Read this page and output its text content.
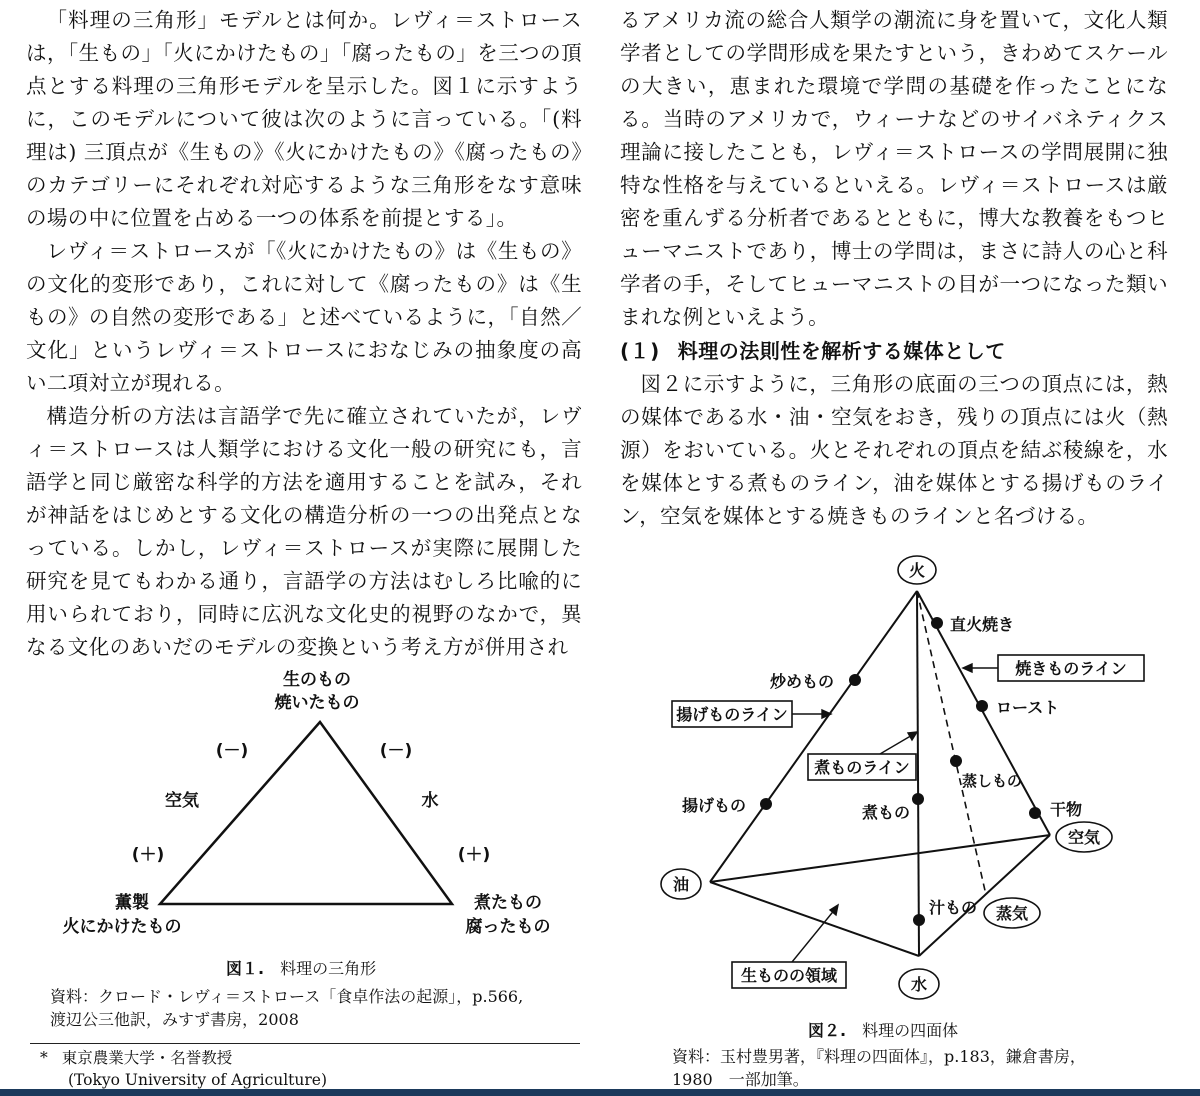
「料理の三角形」モデルとは何か。レヴィ＝ストロースは，「生もの」「火にかけたもの」「腐ったもの」を三つの頂点とする料理の三角形モデルを呈示した。図１に示すように，このモデルについて彼は次のように言っている。「(料理は) 三頂点が《生もの》《火にかけたもの》《腐ったもの》のカテゴリーにそれぞれ対応するような三角形をなす意味の場の中に位置を占める一つの体系を前提とする」。

レヴィ＝ストロースが「《火にかけたもの》は《生もの》の文化的変形であり，これに対して《腐ったもの》は《生もの》の自然の変形である」と述べているように，「自然／文化」というレヴィ＝ストロースにおなじみの抽象度の高い二項対立が現れる。

構造分析の方法は言語学で先に確立されていたが，レヴィ＝ストロースは人類学における文化一般の研究にも，言語学と同じ厳密な科学的方法を適用することを試み，それが神話をはじめとする文化の構造分析の一つの出発点となっている。しかし，レヴィ＝ストロースが実際に展開した研究を見てもわかる通り，言語学の方法はむしろ比喩的に用いられており，同時に広汎な文化史的視野のなかで，異なる文化のあいだのモデルの変換という考え方が併用され

るアメリカ流の総合人類学の潮流に身を置いて，文化人類学者としての学問形成を果たすという，きわめてスケールの大きい，恵まれた環境で学問の基礎を作ったことになる。当時のアメリカで，ウィーナなどのサイバネティクス理論に接したことも，レヴィ＝ストロースの学問展開に独特な性格を与えているといえる。レヴィ＝ストロースは厳密を重んずる分析者であるとともに，博大な教養をもつヒューマニストであり，博士の学問は，まさに詩人の心と科学者の手，そしてヒューマニストの目が一つになった類いまれな例といえよう。

(１) 料理の法則性を解析する媒体として

図２に示すように，三角形の底面の三つの頂点には，熱の媒体である水・油・空気をおき，残りの頂点には火（熱源）をおいている。火とそれぞれの頂点を結ぶ稜線を，水を媒体とする煮ものライン，油を媒体とする揚げものライン，空気を媒体とする焼きものラインと名づける。

生のもの
焼いたもの
(－)	(－)
空気	水
(＋)	(＋)
薫製
火にかけたもの
煮たもの
腐ったもの
図１. 料理の三角形
資料：クロード・レヴィ＝ストロース「食卓作法の起源」，p.566,
渡辺公三他訳，みすず書房，2008
* 東京農業大学・名誉教授
(Tokyo University of Agriculture)
火
油
空気
水
蒸気
焼きものライン
揚げものライン
煮ものライン
生ものの領域
直火焼き
ロースト
干物
炒めもの
揚げもの	煮もの
汁もの
蒸しもの
図２. 料理の四面体
資料：玉村豊男著，『料理の四面体』，p.183，鎌倉書房，
1980　一部加筆。
